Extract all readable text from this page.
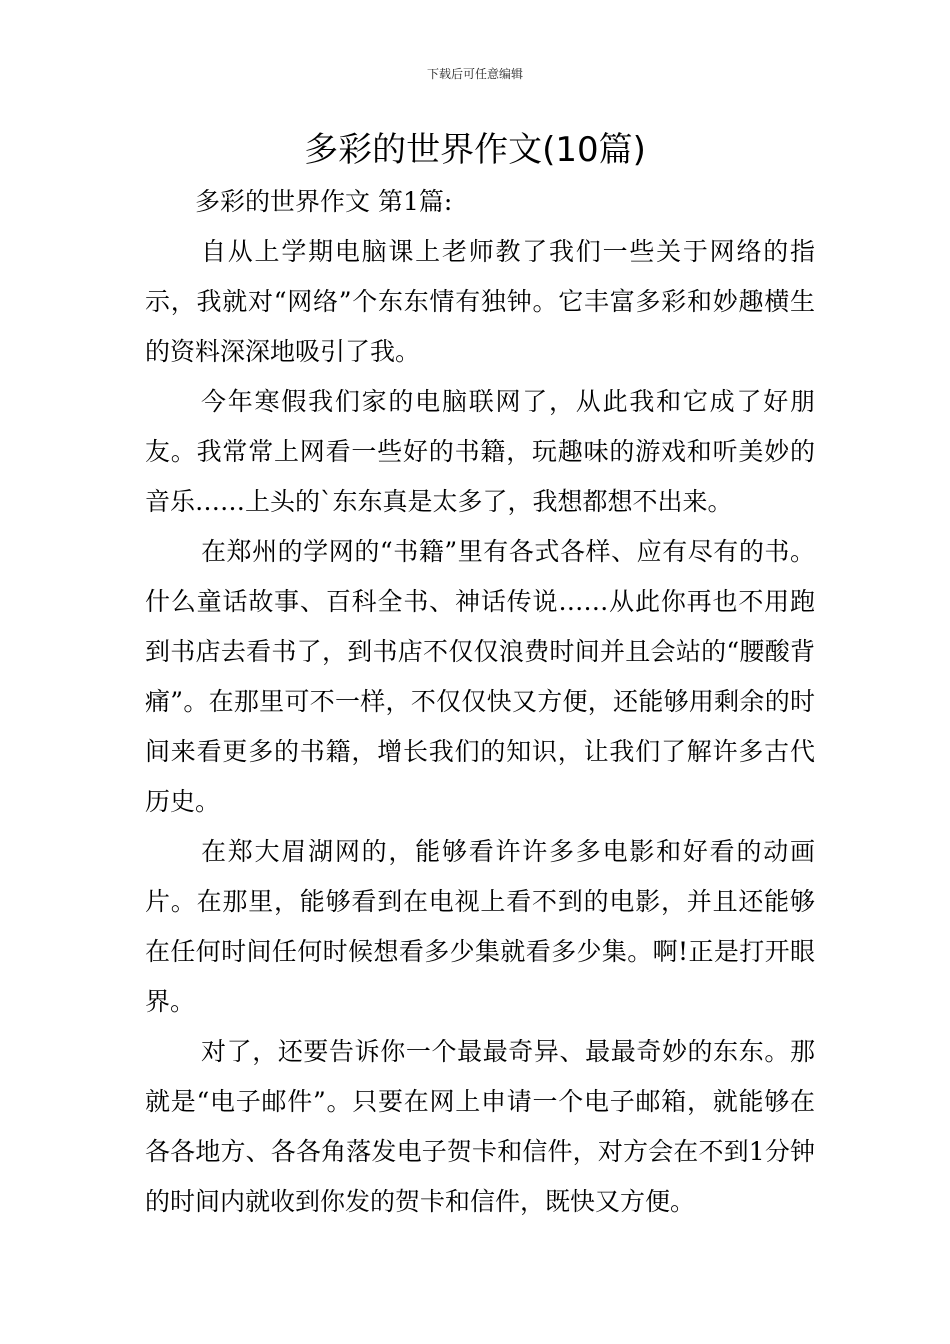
下载后可任意编辑
多彩的世界作文(10篇)

多彩的世界作文 第1篇:

自从上学期电脑课上老师教了我们一些关于网络的指示，我就对“网络”个东东情有独钟。它丰富多彩和妙趣横生的资料深深地吸引了我。

今年寒假我们家的电脑联网了，从此我和它成了好朋友。我常常上网看一些好的书籍，玩趣味的游戏和听美妙的音乐……上头的`东东真是太多了，我想都想不出来。

在郑州的学网的“书籍”里有各式各样、应有尽有的书。什么童话故事、百科全书、神话传说……从此你再也不用跑到书店去看书了，到书店不仅仅浪费时间并且会站的“腰酸背痛”。在那里可不一样，不仅仅快又方便，还能够用剩余的时间来看更多的书籍，增长我们的知识，让我们了解许多古代历史。

在郑大眉湖网的，能够看许许多多电影和好看的动画片。在那里，能够看到在电视上看不到的电影，并且还能够在任何时间任何时候想看多少集就看多少集。啊!正是打开眼界。

对了，还要告诉你一个最最奇异、最最奇妙的东东。那就是“电子邮件”。只要在网上申请一个电子邮箱，就能够在各各地方、各各角落发电子贺卡和信件，对方会在不到1分钟的时间内就收到你发的贺卡和信件，既快又方便。
